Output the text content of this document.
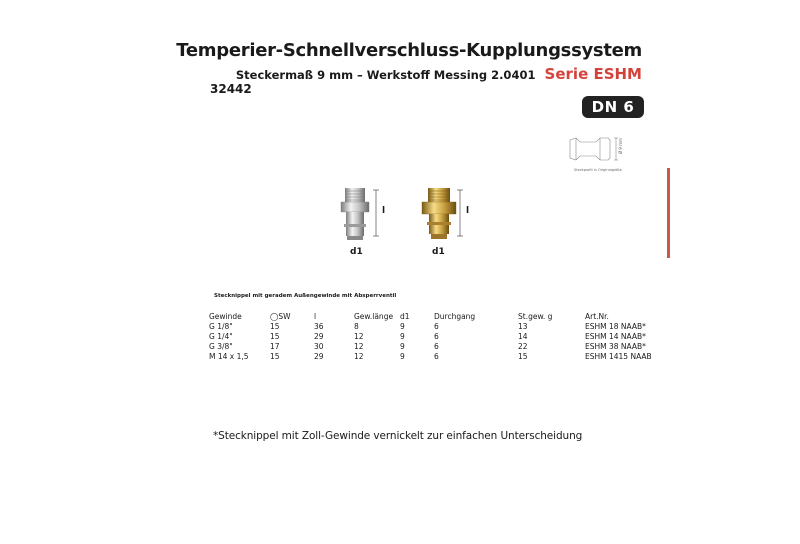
Temperier-Schnellverschluss-Kupplungssystem
Steckermaß 9 mm – Werkstoff Messing 2.0401 Serie ESHM
32442
DN 6
Ø 9 mm
Steckprofil in Originalgröße
l
d1
l
d1
Stecknippel mit geradem Außengewinde mit Absperrventil
Gewinde	◯SW	l	Gew.länge	d1	Durchgang	St.gew. g	Art.Nr.
G 1/8"	15	36	8	9	6	13	ESHM 18 NAAB*
G 1/4"	15	29	12	9	6	14	ESHM 14 NAAB*
G 3/8"	17	30	12	9	6	22	ESHM 38 NAAB*
M 14 x 1,5	15	29	12	9	6	15	ESHM 1415 NAAB
*Stecknippel mit Zoll-Gewinde vernickelt zur einfachen Unterscheidung
